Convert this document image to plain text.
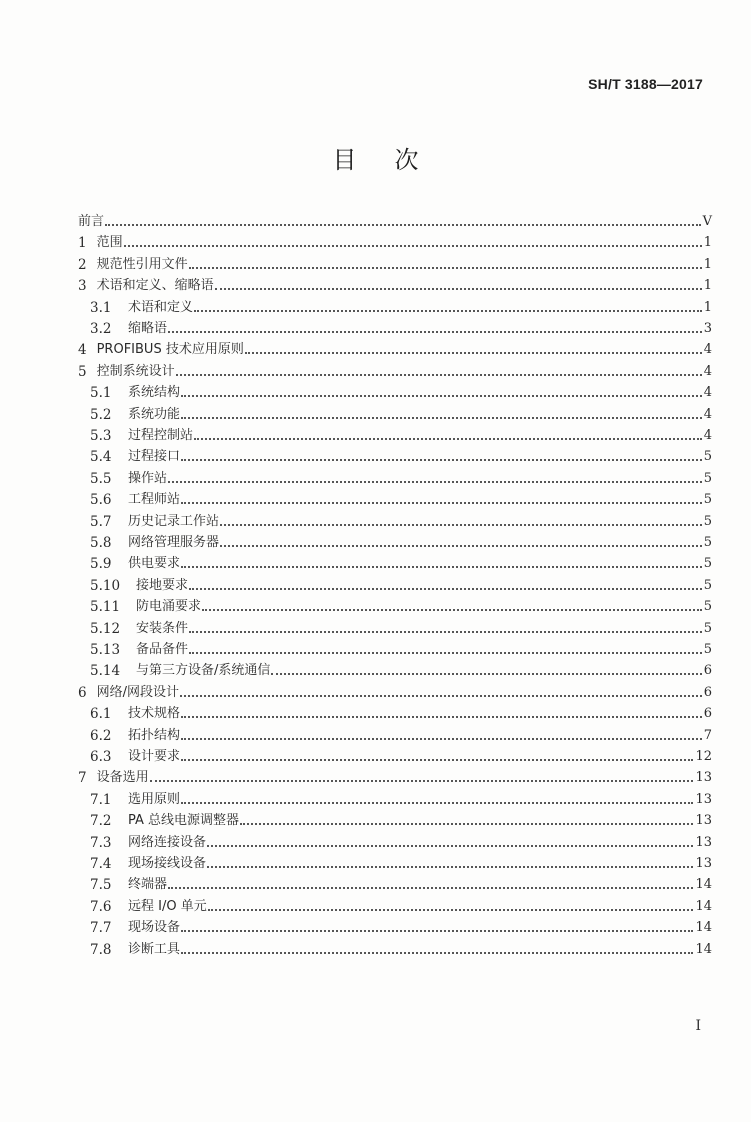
SH/T 3188—2017
目次
前言	V
1 范围	1
2 规范性引用文件	1
3 术语和定义、缩略语	1
3.1	术语和定义	1
3.2	缩略语	3
4 PROFIBUS 技术应用原则	4
5 控制系统设计	4
5.1	系统结构	4
5.2	系统功能	4
5.3	过程控制站	4
5.4	过程接口	5
5.5	操作站	5
5.6	工程师站	5
5.7	历史记录工作站	5
5.8	网络管理服务器	5
5.9	供电要求	5
5.10	接地要求	5
5.11	防电涌要求	5
5.12	安装条件	5
5.13	备品备件	5
5.14	与第三方设备/系统通信	6
6 网络/网段设计	6
6.1	技术规格	6
6.2	拓扑结构	7
6.3	设计要求	12
7 设备选用	13
7.1	选用原则	13
7.2	PA 总线电源调整器	13
7.3	网络连接设备	13
7.4	现场接线设备	13
7.5	终端器	14
7.6	远程 I/O 单元	14
7.7	现场设备	14
7.8	诊断工具	14
I
